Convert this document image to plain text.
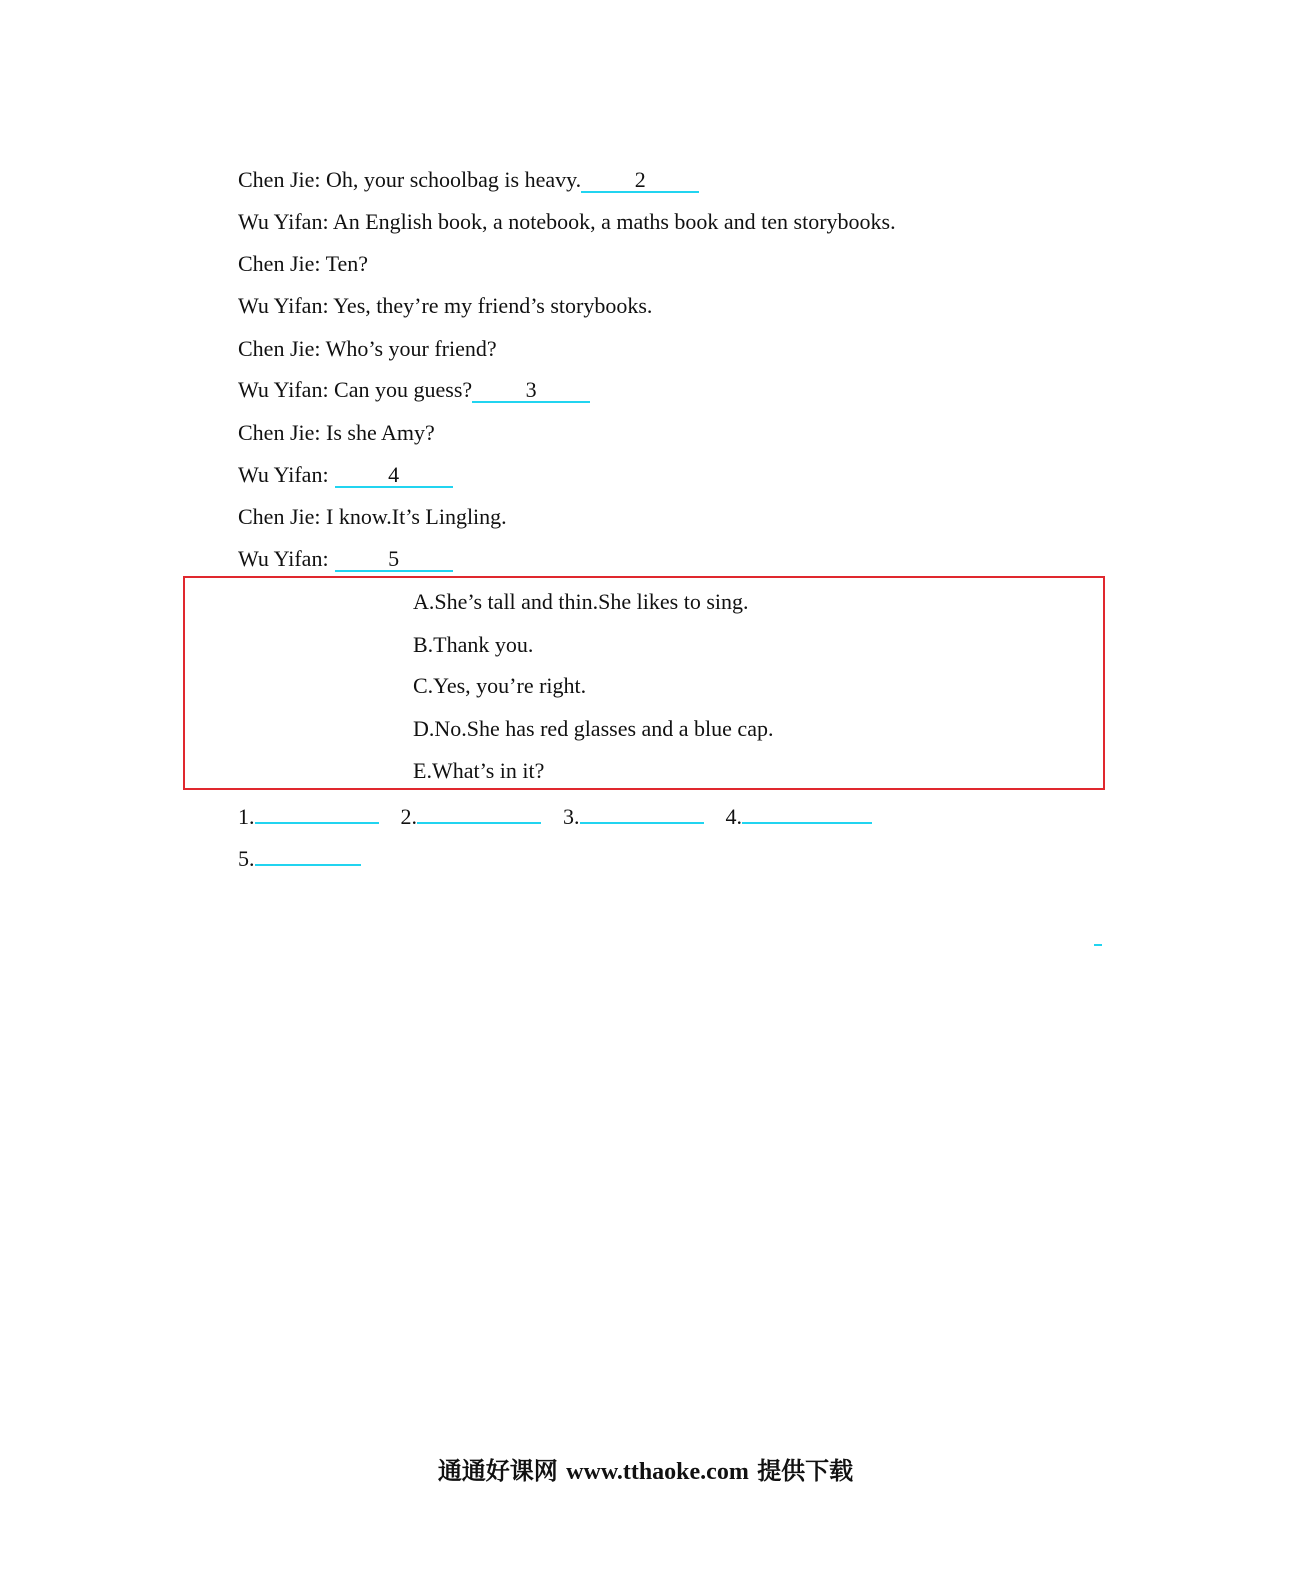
Chen Jie: Oh, your schoolbag is heavy. 2
Wu Yifan: An English book, a notebook, a maths book and ten storybooks.
Chen Jie: Ten?
Wu Yifan: Yes, they’re my friend’s storybooks.
Chen Jie: Who’s your friend?
Wu Yifan: Can you guess? 3
Chen Jie: Is she Amy?
Wu Yifan:	4
Chen Jie: I know.It’s Lingling.
Wu Yifan:	5
A.She’s tall and thin.She likes to sing.
B.Thank you.
C.Yes, you’re right.
D.No.She has red glasses and a blue cap.
E.What’s in it?
1.	2.	3.	4.
5.
通通好课网 www.tthaoke.com 提供下载
